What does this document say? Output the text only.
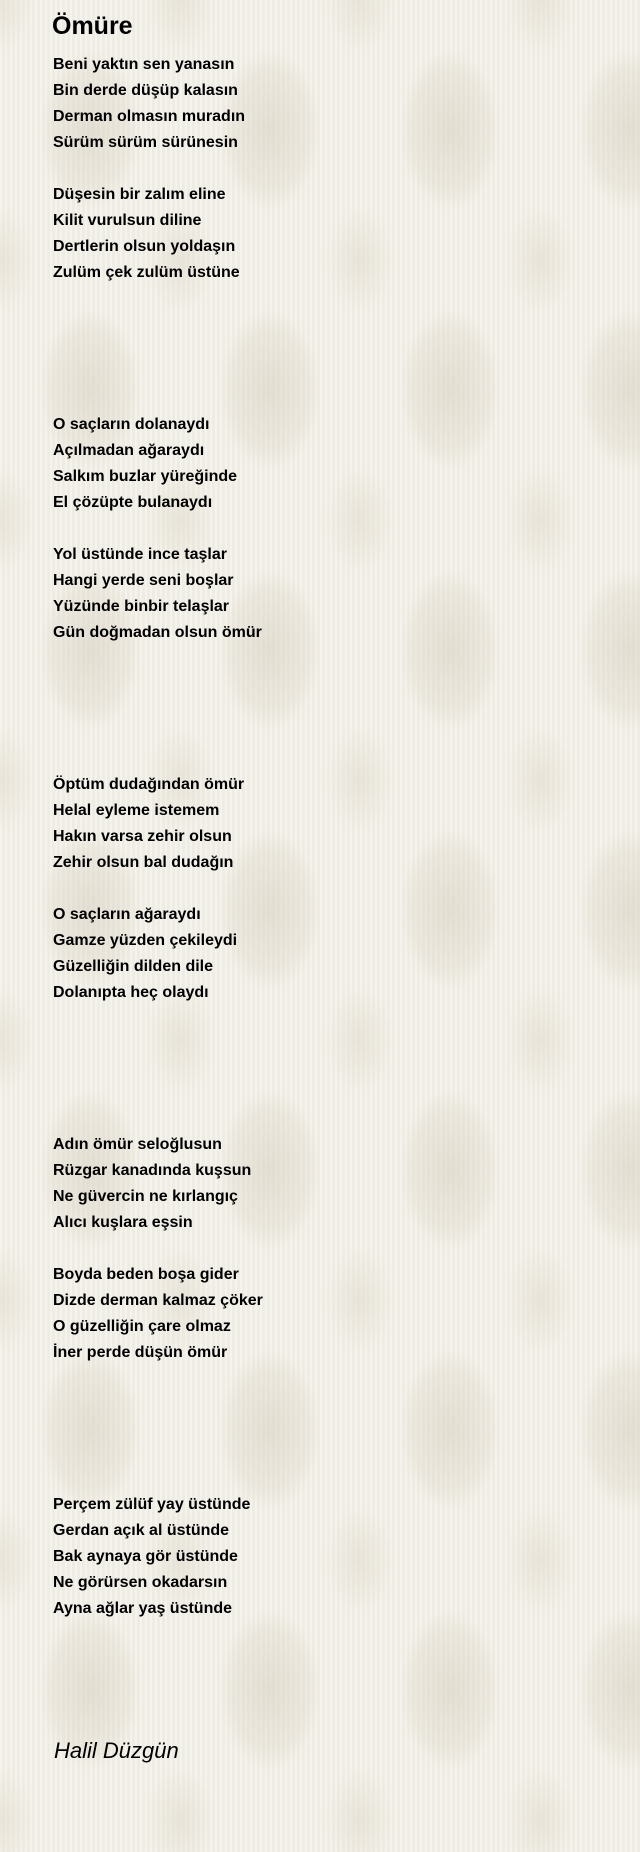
Ömüre
Beni yaktın sen yanasın
Bin derde düşüp kalasın
Derman olmasın muradın
Sürüm sürüm sürünesin
Düşesin bir zalım eline
Kilit vurulsun diline
Dertlerin olsun yoldaşın
Zulüm çek zulüm üstüne
O saçların dolanaydı
Açılmadan ağaraydı
Salkım buzlar yüreğinde
El çözüpte bulanaydı
Yol üstünde ince taşlar
Hangi yerde seni boşlar
Yüzünde binbir telaşlar
Gün doğmadan olsun ömür
Öptüm dudağından ömür
Helal eyleme istemem
Hakın varsa zehir olsun
Zehir olsun bal dudağın
O saçların ağaraydı
Gamze yüzden çekileydi
Güzelliğin dilden dile
Dolanıpta heç olaydı
Adın ömür seloğlusun
Rüzgar kanadında kuşsun
Ne güvercin ne kırlangıç
Alıcı kuşlara eşsin
Boyda beden boşa gider
Dizde derman kalmaz çöker
O güzelliğin çare olmaz
İner perde düşün ömür
Perçem zülüf yay üstünde
Gerdan açık al üstünde
Bak aynaya gör üstünde
Ne görürsen okadarsın
Ayna ağlar yaş üstünde
Halil Düzgün
